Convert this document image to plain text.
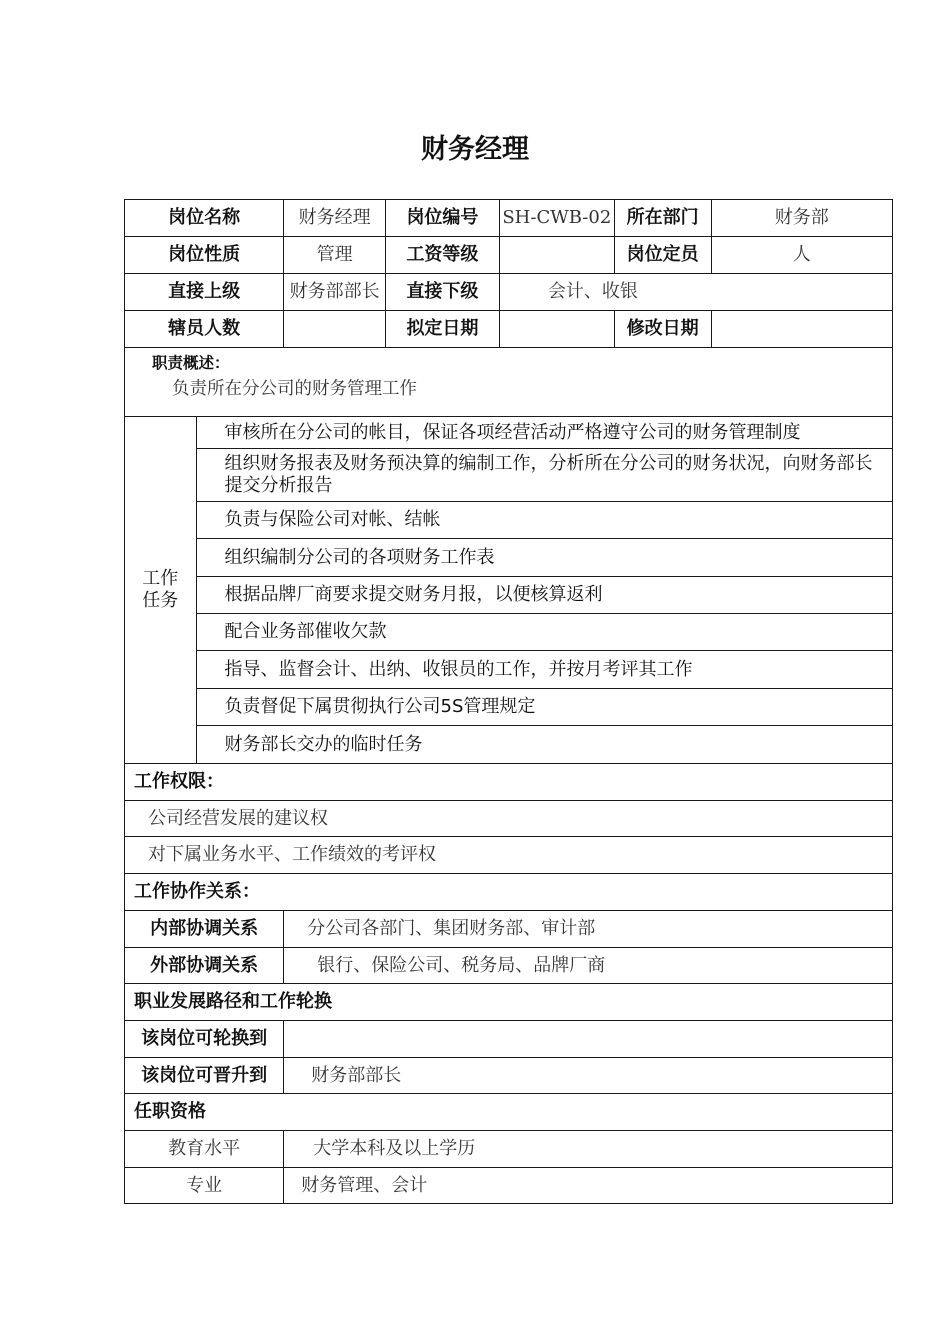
财务经理
岗位名称		财务经理	岗位编号	SH-CWB-02	所在部门	财务部
岗位性质		管理	工资等级		岗位定员	人
直接上级		财务部部长	直接下级	会计、收银		
辖员人数			拟定日期		修改日期	

职责概述：
负责所在分公司的财务管理工作						

工作
任务	审核所在分公司的帐目，保证各项经营活动严格遵守公司的财务管理制度					
	组织财务报表及财务预决算的编制工作，分析所在分公司的财务状况，向财务部长提交分析报告					
	负责与保险公司对帐、结帐					
	组织编制分公司的各项财务工作表					
	根据品牌厂商要求提交财务月报，以便核算返利					
	配合业务部催收欠款					
	指导、监督会计、出纳、收银员的工作，并按月考评其工作					
	负责督促下属贯彻执行公司5S管理规定					
	财务部长交办的临时任务					
工作权限：						
公司经营发展的建议权						
对下属业务水平、工作绩效的考评权						
工作协作关系：						
内部协调关系		分公司各部门、集团财务部、审计部				
外部协调关系		银行、保险公司、税务局、品牌厂商				
职业发展路径和工作轮换						
该岗位可轮换到						
该岗位可晋升到		财务部部长				
任职资格						
教育水平		大学本科及以上学历				
专业		财务管理、会计				
